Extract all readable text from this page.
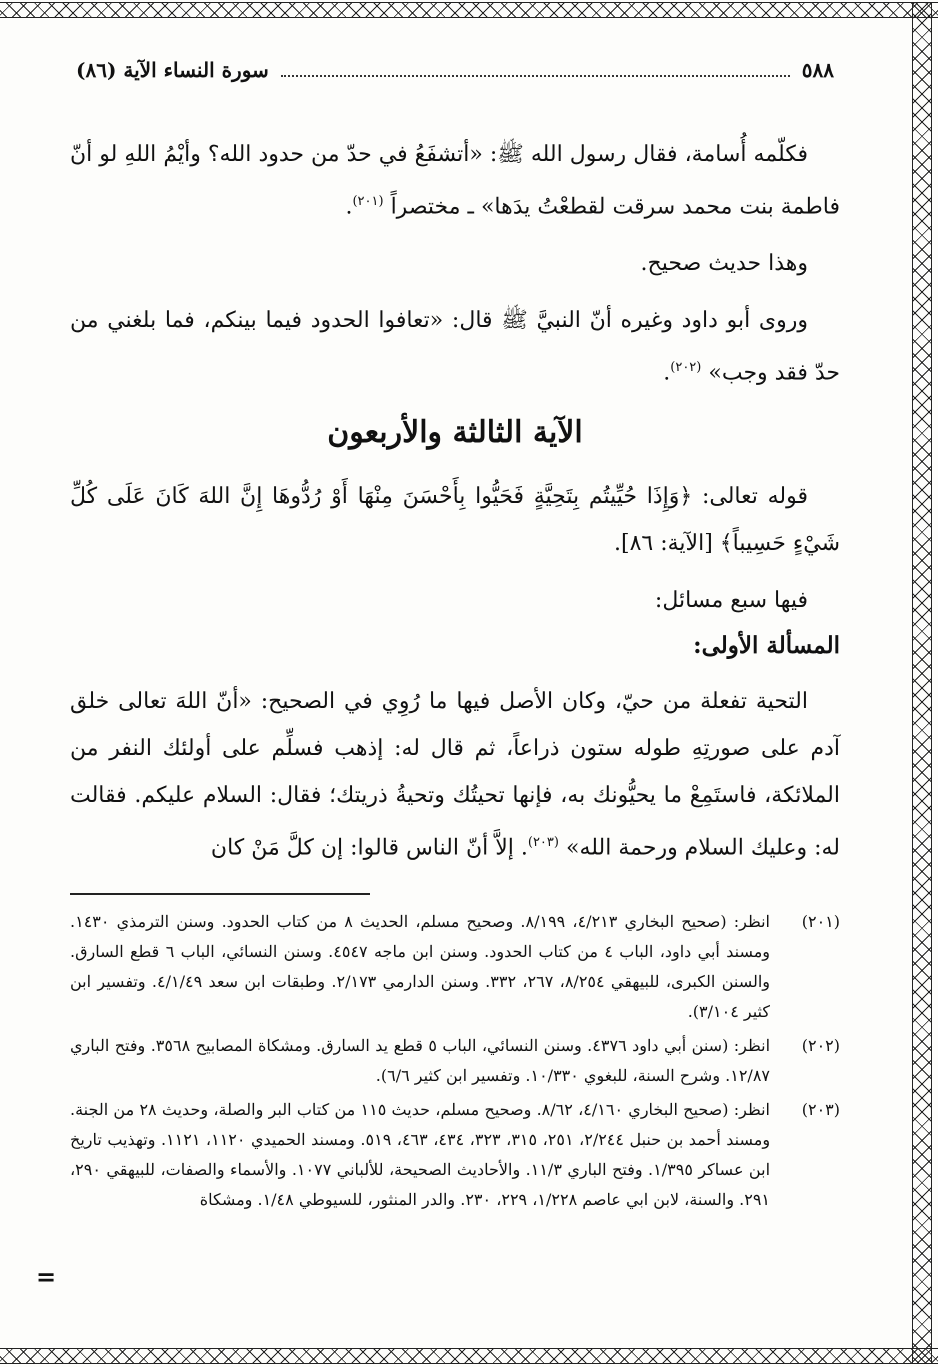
٥٨٨
سورة النساء الآية (٨٦)

فكلّمه أُسامة، فقال رسول الله ﷺ: «أتشفَعُ في حدّ من حدود الله؟ وأيْمُ اللهِ لو أنّ فاطمة بنت محمد سرقت لقطعْتُ يدَها» ـ مختصراً $^{(٢٠١)}$.

وهذا حديث صحيح.

وروى أبو داود وغيره أنّ النبيَّ ﷺ قال: «تعافوا الحدود فيما بينكم، فما بلغني من حدّ فقد وجب» $^{(٢٠٢)}$.

الآية الثالثة والأربعون

قوله تعالى: ﴿وَإِذَا حُيِّيتُم بِتَحِيَّةٍ فَحَيُّوا بِأَحْسَنَ مِنْهَا أَوْ رُدُّوهَا إِنَّ اللهَ كَانَ عَلَى كُلِّ شَيْءٍ حَسِيباً﴾ [الآية: ٨٦].

فيها سبع مسائل:

المسألة الأولى:

التحية تفعلة من حيّ، وكان الأصل فيها ما رُوِي في الصحيح: «أنّ اللهَ تعالى خلق آدم على صورتِهِ طوله ستون ذراعاً، ثم قال له: إذهب فسلِّم على أولئك النفر من الملائكة، فاستَمِعْ ما يحيُّونك به، فإنها تحيتُك وتحيةُ ذريتك؛ فقال: السلام عليكم. فقالت له: وعليك السلام ورحمة الله» $^{(٢٠٣)}$. إلاَّ أنّ الناس قالوا: إن كلَّ مَنْ كان

(٢٠١)
انظر: (صحيح البخاري ٤/٢١٣، ٨/١٩٩. وصحيح مسلم، الحديث ٨ من كتاب الحدود. وسنن الترمذي ١٤٣٠. ومسند أبي داود، الباب ٤ من كتاب الحدود. وسنن ابن ماجه ٤٥٤٧. وسنن النسائي، الباب ٦ قطع السارق. والسنن الكبرى، للبيهقي ٨/٢٥٤، ٢٦٧، ٣٣٢. وسنن الدارمي ٢/١٧٣. وطبقات ابن سعد ٤/١/٤٩. وتفسير ابن كثير ٣/١٠٤).
(٢٠٢)
انظر: (سنن أبي داود ٤٣٧٦. وسنن النسائي، الباب ٥ قطع يد السارق. ومشكاة المصابيح ٣٥٦٨. وفتح الباري ١٢/٨٧. وشرح السنة، للبغوي ١٠/٣٣٠. وتفسير ابن كثير ٦/٦).
(٢٠٣)
انظر: (صحيح البخاري ٤/١٦٠، ٨/٦٢. وصحيح مسلم، حديث ١١٥ من كتاب البر والصلة، وحديث ٢٨ من الجنة. ومسند أحمد بن حنبل ٢/٢٤٤، ٢٥١، ٣١٥، ٣٢٣، ٤٣٤، ٤٦٣، ٥١٩. ومسند الحميدي ١١٢٠، ١١٢١. وتهذيب تاريخ ابن عساكر ١/٣٩٥. وفتح الباري ١١/٣. والأحاديث الصحيحة، للألباني ١٠٧٧. والأسماء والصفات، للبيهقي ٢٩٠، ٢٩١. والسنة، لابن ابي عاصم ١/٢٢٨، ٢٢٩، ٢٣٠. والدر المنثور، للسيوطي ١/٤٨. ومشكاة
=
